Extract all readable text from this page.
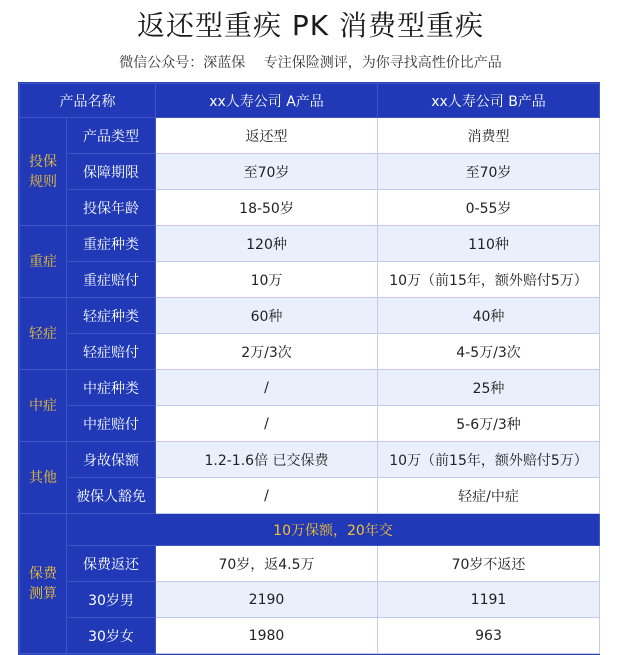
返还型重疾 PK 消费型重疾
微信公众号：深蓝保　 专注保险测评，为你寻找高性价比产品
产品名称		xx人寿公司 A产品	xx人寿公司 B产品
投保
规则	产品类型	返还型	消费型
	保障期限	至70岁	至70岁
	投保年龄	18-50岁	0-55岁
重症	重症种类	120种	110种
	重症赔付	10万	10万（前15年，额外赔付5万）
轻症	轻症种类	60种	40种
	轻症赔付	2万/3次	4-5万/3次
中症	中症种类	/	25种
	中症赔付	/	5-6万/3种
其他	身故保额	1.2-1.6倍 已交保费	10万（前15年，额外赔付5万）
	被保人豁免	/	轻症/中症
保费
测算	10万保额，20年交		
	保费返还	70岁，返4.5万	70岁不返还
	30岁男	2190	1191
	30岁女	1980	963
